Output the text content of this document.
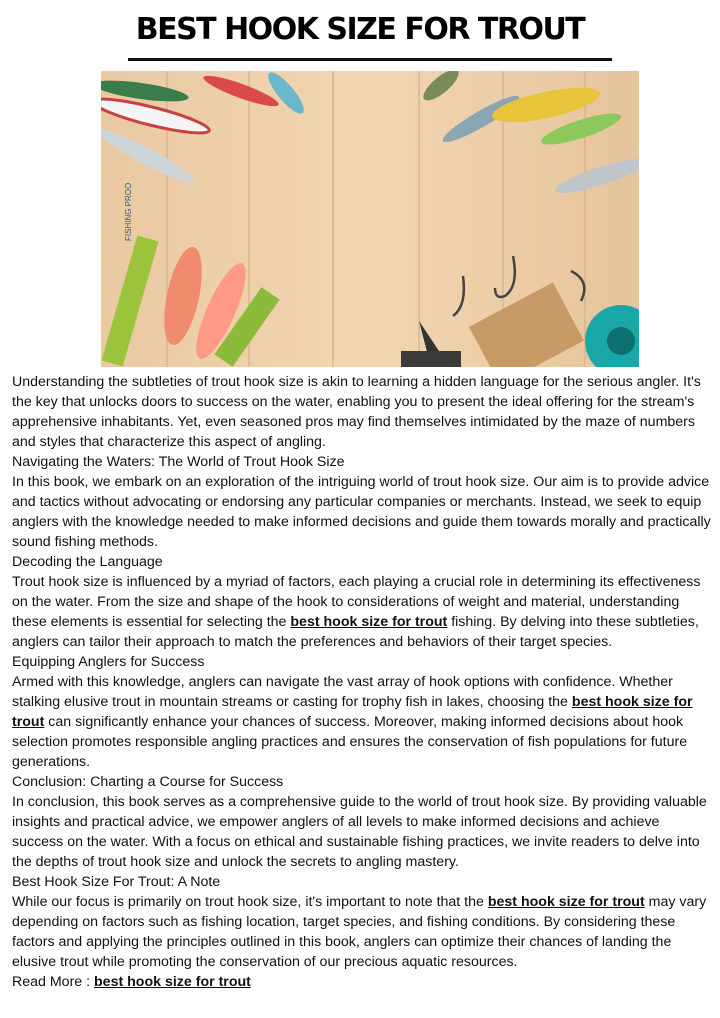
BEST HOOK SIZE FOR TROUT
FISHING PROO

Understanding the subtleties of trout hook size is akin to learning a hidden language for the serious angler. It's the key that unlocks doors to success on the water, enabling you to present the ideal offering for the stream's apprehensive inhabitants. Yet, even seasoned pros may find themselves intimidated by the maze of numbers and styles that characterize this aspect of angling.

Navigating the Waters: The World of Trout Hook Size

In this book, we embark on an exploration of the intriguing world of trout hook size. Our aim is to provide advice and tactics without advocating or endorsing any particular companies or merchants. Instead, we seek to equip anglers with the knowledge needed to make informed decisions and guide them towards morally and practically sound fishing methods.

Decoding the Language

Trout hook size is influenced by a myriad of factors, each playing a crucial role in determining its effectiveness on the water. From the size and shape of the hook to considerations of weight and material, understanding these elements is essential for selecting the best hook size for trout fishing. By delving into these subtleties, anglers can tailor their approach to match the preferences and behaviors of their target species.

Equipping Anglers for Success

Armed with this knowledge, anglers can navigate the vast array of hook options with confidence. Whether stalking elusive trout in mountain streams or casting for trophy fish in lakes, choosing the best hook size for trout can significantly enhance your chances of success. Moreover, making informed decisions about hook selection promotes responsible angling practices and ensures the conservation of fish populations for future generations.

Conclusion: Charting a Course for Success

In conclusion, this book serves as a comprehensive guide to the world of trout hook size. By providing valuable insights and practical advice, we empower anglers of all levels to make informed decisions and achieve success on the water. With a focus on ethical and sustainable fishing practices, we invite readers to delve into the depths of trout hook size and unlock the secrets to angling mastery.

Best Hook Size For Trout: A Note

While our focus is primarily on trout hook size, it's important to note that the best hook size for trout may vary depending on factors such as fishing location, target species, and fishing conditions. By considering these factors and applying the principles outlined in this book, anglers can optimize their chances of landing the elusive trout while promoting the conservation of our precious aquatic resources.

Read More : best hook size for trout
